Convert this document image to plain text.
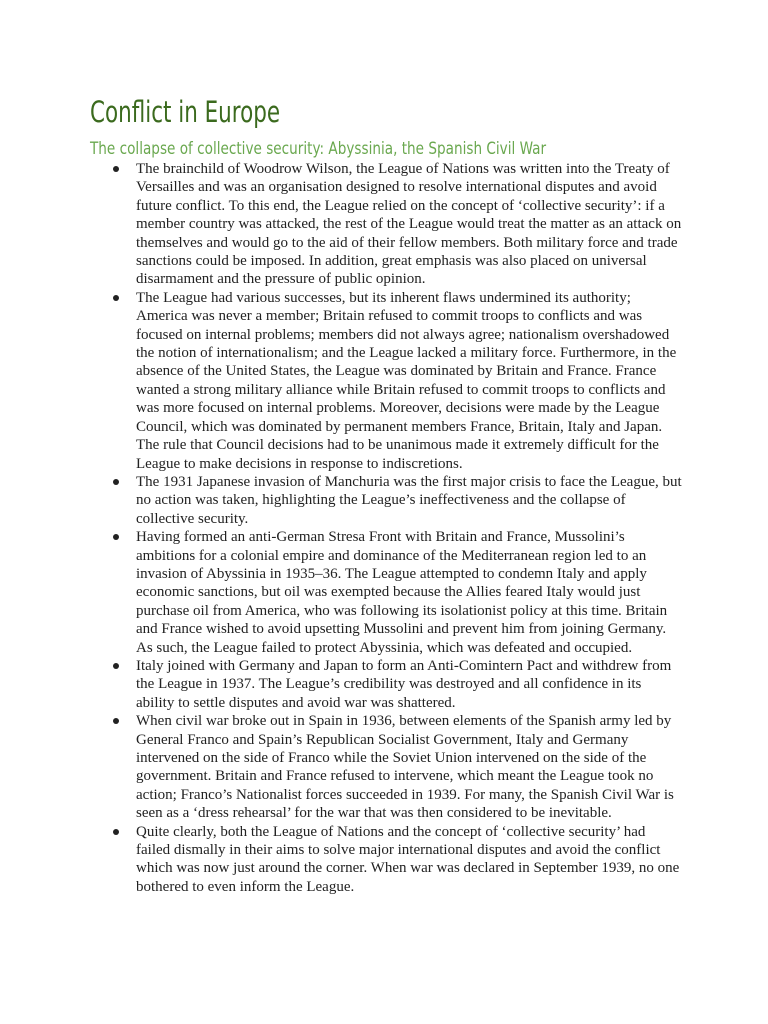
Conflict in Europe
The collapse of collective security: Abyssinia, the Spanish Civil War
The brainchild of Woodrow Wilson, the League of Nations was written into the Treaty of Versailles and was an organisation designed to resolve international disputes and avoid future conflict. To this end, the League relied on the concept of ‘collective security’: if a member country was attacked, the rest of the League would treat the matter as an attack on themselves and would go to the aid of their fellow members. Both military force and trade sanctions could be imposed. In addition, great emphasis was also placed on universal disarmament and the pressure of public opinion.
The League had various successes, but its inherent flaws undermined its authority; America was never a member; Britain refused to commit troops to conflicts and was focused on internal problems; members did not always agree; nationalism overshadowed the notion of internationalism; and the League lacked a military force. Furthermore, in the absence of the United States, the League was dominated by Britain and France. France wanted a strong military alliance while Britain refused to commit troops to conflicts and was more focused on internal problems. Moreover, decisions were made by the League Council, which was dominated by permanent members France, Britain, Italy and Japan. The rule that Council decisions had to be unanimous made it extremely difficult for the League to make decisions in response to indiscretions.
The 1931 Japanese invasion of Manchuria was the first major crisis to face the League, but no action was taken, highlighting the League’s ineffectiveness and the collapse of collective security.
Having formed an anti-German Stresa Front with Britain and France, Mussolini’s ambitions for a colonial empire and dominance of the Mediterranean region led to an invasion of Abyssinia in 1935–36. The League attempted to condemn Italy and apply economic sanctions, but oil was exempted because the Allies feared Italy would just purchase oil from America, who was following its isolationist policy at this time. Britain and France wished to avoid upsetting Mussolini and prevent him from joining Germany. As such, the League failed to protect Abyssinia, which was defeated and occupied.
Italy joined with Germany and Japan to form an Anti-Comintern Pact and withdrew from the League in 1937. The League’s credibility was destroyed and all confidence in its ability to settle disputes and avoid war was shattered.
When civil war broke out in Spain in 1936, between elements of the Spanish army led by General Franco and Spain’s Republican Socialist Government, Italy and Germany intervened on the side of Franco while the Soviet Union intervened on the side of the government. Britain and France refused to intervene, which meant the League took no action; Franco’s Nationalist forces succeeded in 1939. For many, the Spanish Civil War is seen as a ‘dress rehearsal’ for the war that was then considered to be inevitable.
Quite clearly, both the League of Nations and the concept of ‘collective security’ had failed dismally in their aims to solve major international disputes and avoid the conflict which was now just around the corner. When war was declared in September 1939, no one bothered to even inform the League.
